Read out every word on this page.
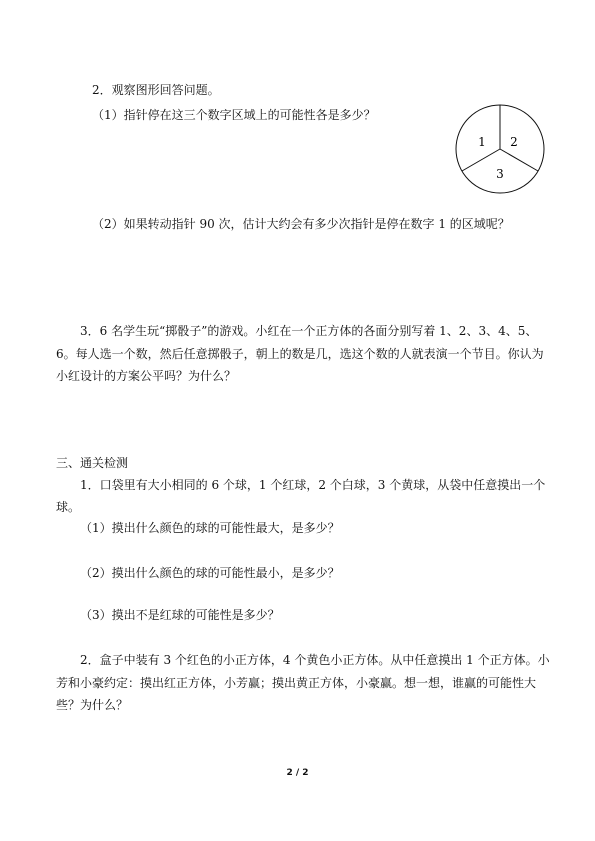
2．观察图形回答问题。
（1）指针停在这三个数字区域上的可能性各是多少？
1 2
3
（2）如果转动指针 90 次，估计大约会有多少次指针是停在数字 1 的区域呢？
3．6 名学生玩“掷骰子”的游戏。小红在一个正方体的各面分别写着 1、2、3、4、5、
6。每人选一个数，然后任意掷骰子，朝上的数是几，选这个数的人就表演一个节目。你认为
小红设计的方案公平吗？为什么？
三、通关检测
1．口袋里有大小相同的 6 个球，1 个红球，2 个白球，3 个黄球，从袋中任意摸出一个
球。
（1）摸出什么颜色的球的可能性最大，是多少？
（2）摸出什么颜色的球的可能性最小，是多少？
（3）摸出不是红球的可能性是多少？
2．盒子中装有 3 个红色的小正方体，4 个黄色小正方体。从中任意摸出 1 个正方体。小
芳和小豪约定：摸出红正方体，小芳赢；摸出黄正方体，小豪赢。想一想，谁赢的可能性大
些？为什么？
2 / 2
